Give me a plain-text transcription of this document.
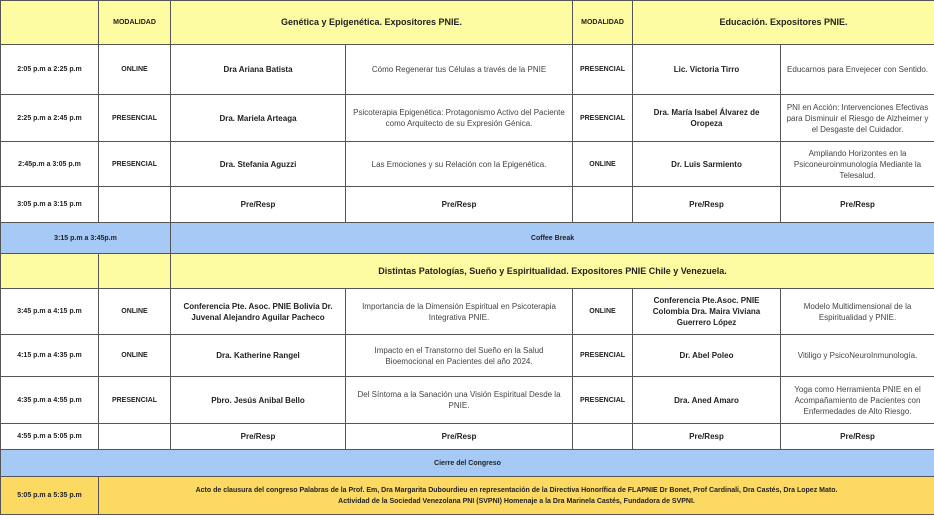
	MODALIDAD	Genética y Epigenética. Expositores PNIE.		MODALIDAD	Educación. Expositores PNIE.	
2:05 p.m a 2:25 p.m	ONLINE	Dra Ariana Batista	Cómo Regenerar tus Células a través de la PNIE	PRESENCIAL	Lic. Victoria Tirro	Educarnos para Envejecer con Sentido.
2:25 p.m a 2:45 p.m	PRESENCIAL	Dra. Mariela Arteaga	Psicoterapia Epigenética: Protagonismo Activo del Paciente como Arquitecto de su Expresión Génica.	PRESENCIAL	Dra. María Isabel Álvarez de Oropeza	PNI en Acción: Intervenciones Efectivas para Disminuir el Riesgo de Alzheimer y el Desgaste del Cuidador.
2:45p.m a 3:05 p.m	PRESENCIAL	Dra. Stefania Aguzzi	Las Emociones y su Relación con la Epigenética.	ONLINE	Dr. Luis Sarmiento	Ampliando Horizontes en la Psiconeuroinmunología Mediante la Telesalud.
3:05 p.m a 3:15 p.m		Pre/Resp	Pre/Resp		Pre/Resp	Pre/Resp
3:15 p.m a 3:45p.m		Coffee Break				
		Distintas Patologías, Sueño y Espiritualidad. Expositores PNIE Chile y Venezuela.				
3:45 p.m a 4:15 p.m	ONLINE	Conferencia Pte. Asoc. PNIE Bolivia Dr. Juvenal Alejandro Aguilar Pacheco	Importancia de la Dimensión Espiritual en Psicoterapia Integrativa PNIE.	ONLINE	Conferencia Pte.Asoc. PNIE Colombia Dra. Maira Viviana Guerrero López	Modelo Multidimensional de la Espiritualidad y PNIE.
4:15 p.m a 4:35 p.m	ONLINE	Dra. Katherine Rangel	Impacto en el Transtorno del Sueño en la Salud Bioemocional en Pacientes del año 2024.	PRESENCIAL	Dr. Abel Poleo	Vitiligo y PsicoNeuroInmunología.
4:35 p.m a 4:55 p.m	PRESENCIAL	Pbro. Jesús Anibal Bello	Del Síntoma a la Sanación una Visión Espiritual Desde la PNIE.	PRESENCIAL	Dra. Aned Amaro	Yoga como Herramienta PNIE en el Acompañamiento de Pacientes con Enfermedades de Alto Riesgo.
4:55 p.m a 5:05 p.m		Pre/Resp	Pre/Resp		Pre/Resp	Pre/Resp
Cierre del Congreso						
5:05 p.m a 5:35 p.m	Acto de clausura del congreso Palabras de la Prof. Em, Dra Margarita Dubourdieu en representación de la Directiva Honorífica de FLAPNIE Dr Bonet, Prof Cardinali, Dra Castés, Dra Lopez Mato.
Actividad de la Sociedad Venezolana PNI (SVPNI) Homenaje a la Dra Marinela Castés, Fundadora de SVPNI.					
